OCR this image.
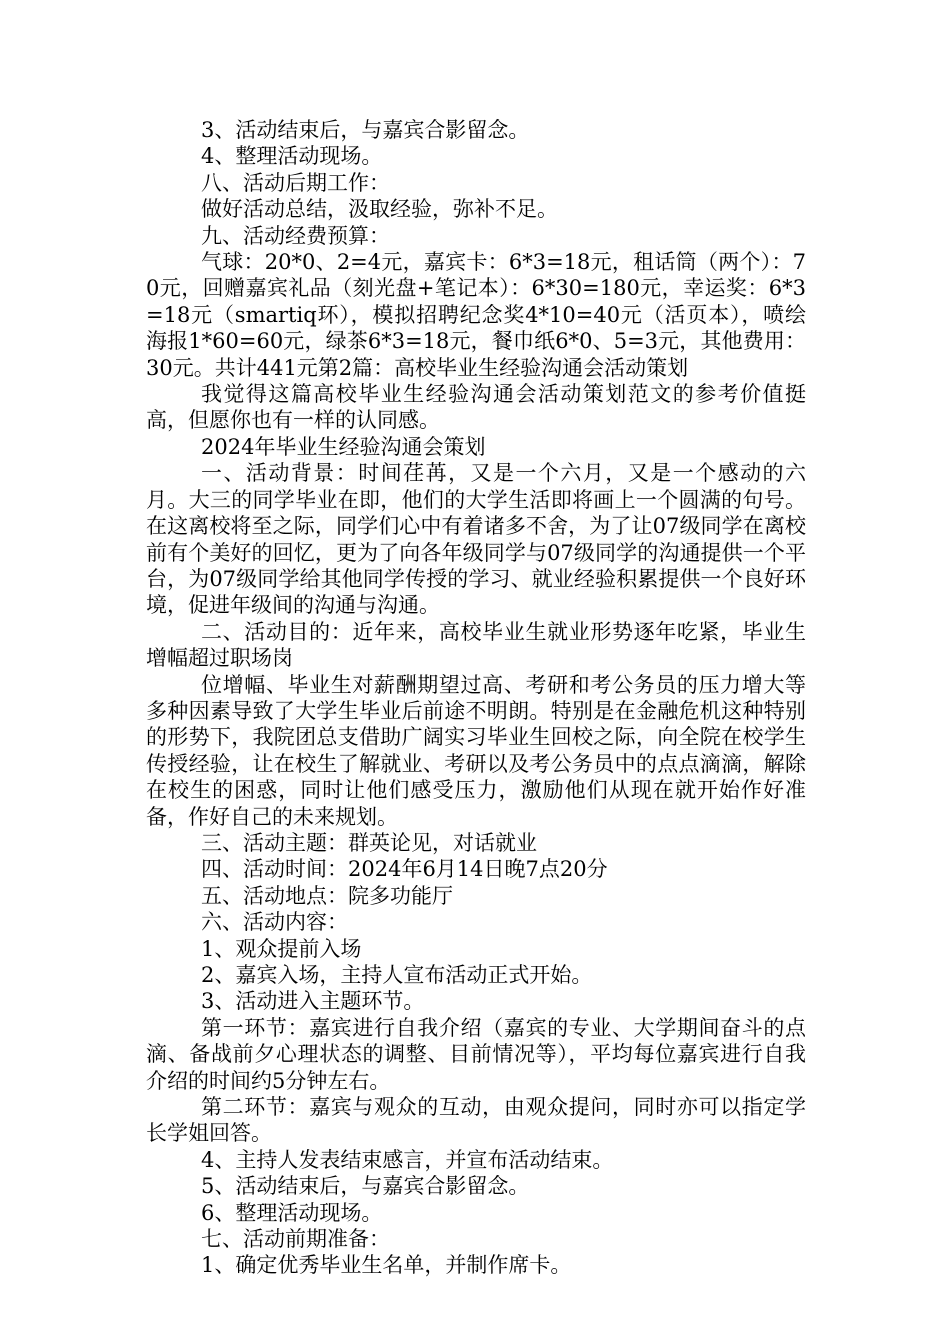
3、活动结束后，与嘉宾合影留念。

4、整理活动现场。

八、活动后期工作：

做好活动总结，汲取经验，弥补不足。

九、活动经费预算：

气球：20*0、2=4元，嘉宾卡：6*3=18元，租话筒（两个）：70元，回赠嘉宾礼品（刻光盘+笔记本）：6*30=180元，幸运奖：6*3=18元（smartiq环），模拟招聘纪念奖4*10=40元（活页本），喷绘海报1*60=60元，绿茶6*3=18元，餐巾纸6*0、5=3元，其他费用：30元。共计441元第2篇：高校毕业生经验沟通会活动策划

我觉得这篇高校毕业生经验沟通会活动策划范文的参考价值挺高，但愿你也有一样的认同感。

2024年毕业生经验沟通会策划

一、活动背景：时间荏苒，又是一个六月，又是一个感动的六月。大三的同学毕业在即，他们的大学生活即将画上一个圆满的句号。在这离校将至之际，同学们心中有着诸多不舍，为了让07级同学在离校前有个美好的回忆，更为了向各年级同学与07级同学的沟通提供一个平台，为07级同学给其他同学传授的学习、就业经验积累提供一个良好环境，促进年级间的沟通与沟通。

二、活动目的：近年来，高校毕业生就业形势逐年吃紧，毕业生增幅超过职场岗

位增幅、毕业生对薪酬期望过高、考研和考公务员的压力增大等多种因素导致了大学生毕业后前途不明朗。特别是在金融危机这种特别的形势下，我院团总支借助广阔实习毕业生回校之际，向全院在校学生传授经验，让在校生了解就业、考研以及考公务员中的点点滴滴，解除在校生的困惑，同时让他们感受压力，激励他们从现在就开始作好准备，作好自己的未来规划。

三、活动主题：群英论见，对话就业

四、活动时间：2024年6月14日晚7点20分

五、活动地点：院多功能厅

六、活动内容：

1、观众提前入场

2、嘉宾入场，主持人宣布活动正式开始。

3、活动进入主题环节。

第一环节：嘉宾进行自我介绍（嘉宾的专业、大学期间奋斗的点滴、备战前夕心理状态的调整、目前情况等），平均每位嘉宾进行自我介绍的时间约5分钟左右。

第二环节：嘉宾与观众的互动，由观众提问，同时亦可以指定学长学姐回答。

4、主持人发表结束感言，并宣布活动结束。

5、活动结束后，与嘉宾合影留念。

6、整理活动现场。

七、活动前期准备：

1、确定优秀毕业生名单，并制作席卡。
